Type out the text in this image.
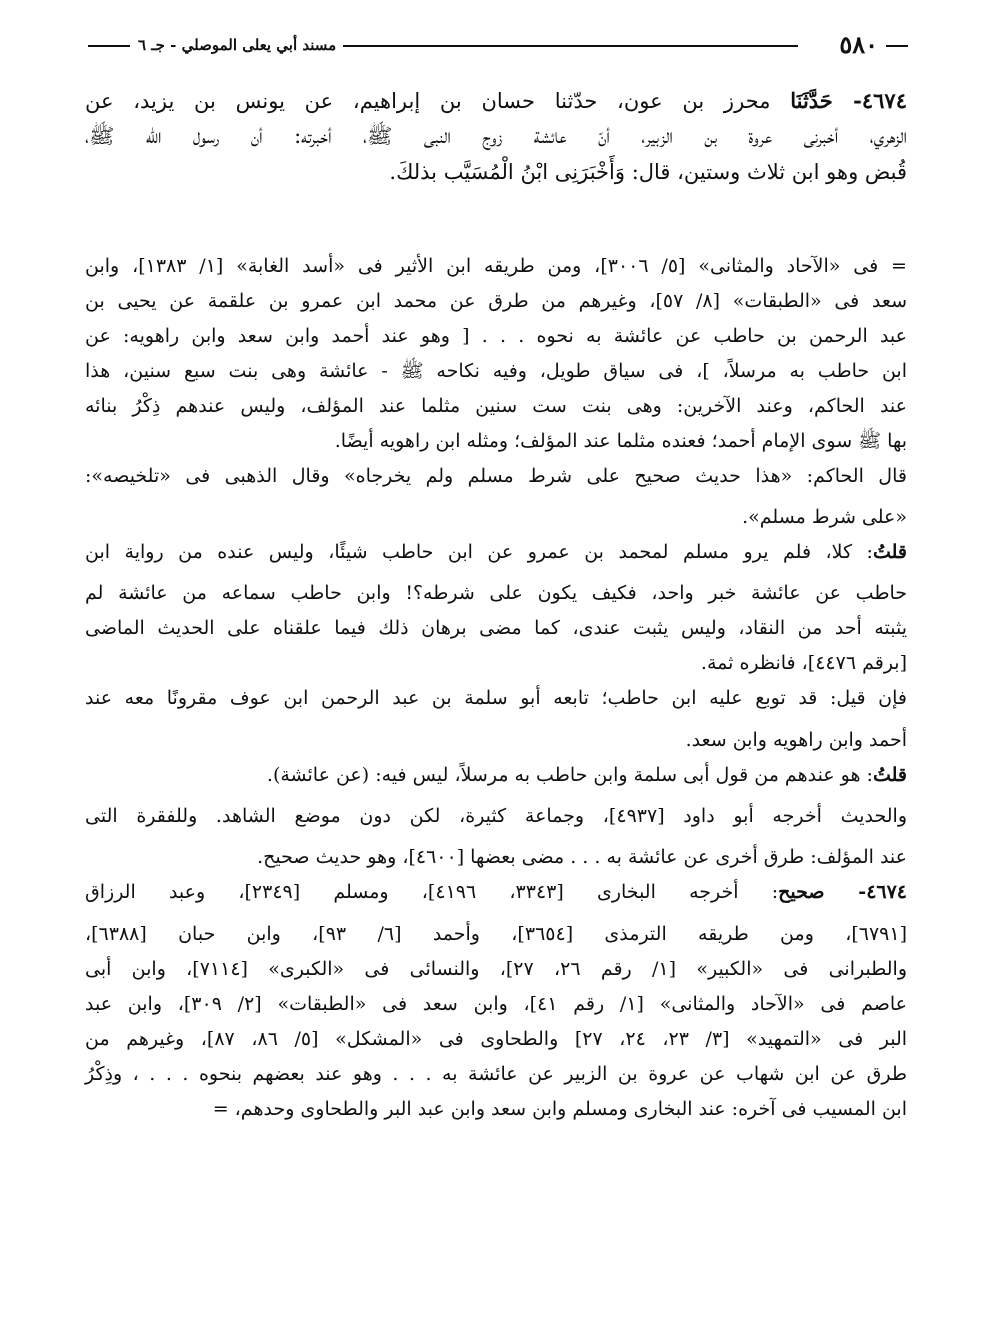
٥٨٠
مسند أبي يعلى الموصلي - جـ ٦
٤٦٧٤- حَدَّثَنَا محرز بن عون، حدّثنا حسان بن إبراهيم، عن يونس بن يزيد، عن
الزهري، أخبرنى عروة بن الزبير، أنّ عائشة زوج النبى ﷺ، أخبرته: أن رسول اللّه ﷺ،
قُبض وهو ابن ثلاث وستين، قال: وَأَخْبَرَنِى ابْنُ الْمُسَيَّب بذلكَ.
= فى «الآحاد والمثانى» [٥/ ٣٠٠٦]، ومن طريقه ابن الأثير فى «أسد الغابة» [١/ ١٣٨٣]، وابن
سعد فى «الطبقات» [٨/ ٥٧]، وغيرهم من طرق عن محمد ابن عمرو بن علقمة عن يحيى بن
عبد الرحمن بن حاطب عن عائشة به نحوه . . . [ وهو عند أحمد وابن سعد وابن راهويه: عن
ابن حاطب به مرسلاً، ]، فى سياق طويل، وفيه نكاحه ﷺ - عائشة وهى بنت سبع سنين، هذا
عند الحاكم، وعند الآخرين: وهى بنت ست سنين مثلما عند المؤلف، وليس عندهم ذِكْرُ بنائه
بها ﷺ سوى الإمام أحمد؛ فعنده مثلما عند المؤلف؛ ومثله ابن راهويه أيضًا.
قال الحاكم: «هذا حديث صحيح على شرط مسلم ولم يخرجاه» وقال الذهبى فى «تلخيصه»:
«على شرط مسلم».
قلتُ: كلا، فلم يرو مسلم لمحمد بن عمرو عن ابن حاطب شيئًا، وليس عنده من رواية ابن
حاطب عن عائشة خبر واحد، فكيف يكون على شرطه؟! وابن حاطب سماعه من عائشة لم
يثبته أحد من النقاد، وليس يثبت عندى، كما مضى برهان ذلك فيما علقناه على الحديث الماضى
[برقم ٤٤٧٦]، فانظره ثمة.
فإن قيل: قد توبع عليه ابن حاطب؛ تابعه أبو سلمة بن عبد الرحمن ابن عوف مقرونًا معه عند
أحمد وابن راهويه وابن سعد.
قلتُ: هو عندهم من قول أبى سلمة وابن حاطب به مرسلاً، ليس فيه: (عن عائشة).
والحديث أخرجه أبو داود [٤٩٣٧]، وجماعة كثيرة، لكن دون موضع الشاهد. وللفقرة التى
عند المؤلف: طرق أخرى عن عائشة به . . . مضى بعضها [٤٦٠٠]، وهو حديث صحيح.
٤٦٧٤- صحيح: أخرجه البخارى [٣٣٤٣، ٤١٩٦]، ومسلم [٢٣٤٩]، وعبد الرزاق
[٦٧٩١]، ومن طريقه الترمذى [٣٦٥٤]، وأحمد [٦/ ٩٣]، وابن حبان [٦٣٨٨]،
والطبرانى فى «الكبير» [١/ رقم ٢٦، ٢٧]، والنسائى فى «الكبرى» [٧١١٤]، وابن أبى
عاصم فى «الآحاد والمثانى» [١/ رقم ٤١]، وابن سعد فى «الطبقات» [٢/ ٣٠٩]، وابن عبد
البر فى «التمهيد» [٣/ ٢٣، ٢٤، ٢٧] والطحاوى فى «المشكل» [٥/ ٨٦، ٨٧]، وغيرهم من
طرق عن ابن شهاب عن عروة بن الزبير عن عائشة به . . . وهو عند بعضهم بنحوه . . . ، وذِكْرُ
ابن المسيب فى آخره: عند البخارى ومسلم وابن سعد وابن عبد البر والطحاوى وحدهم، =
